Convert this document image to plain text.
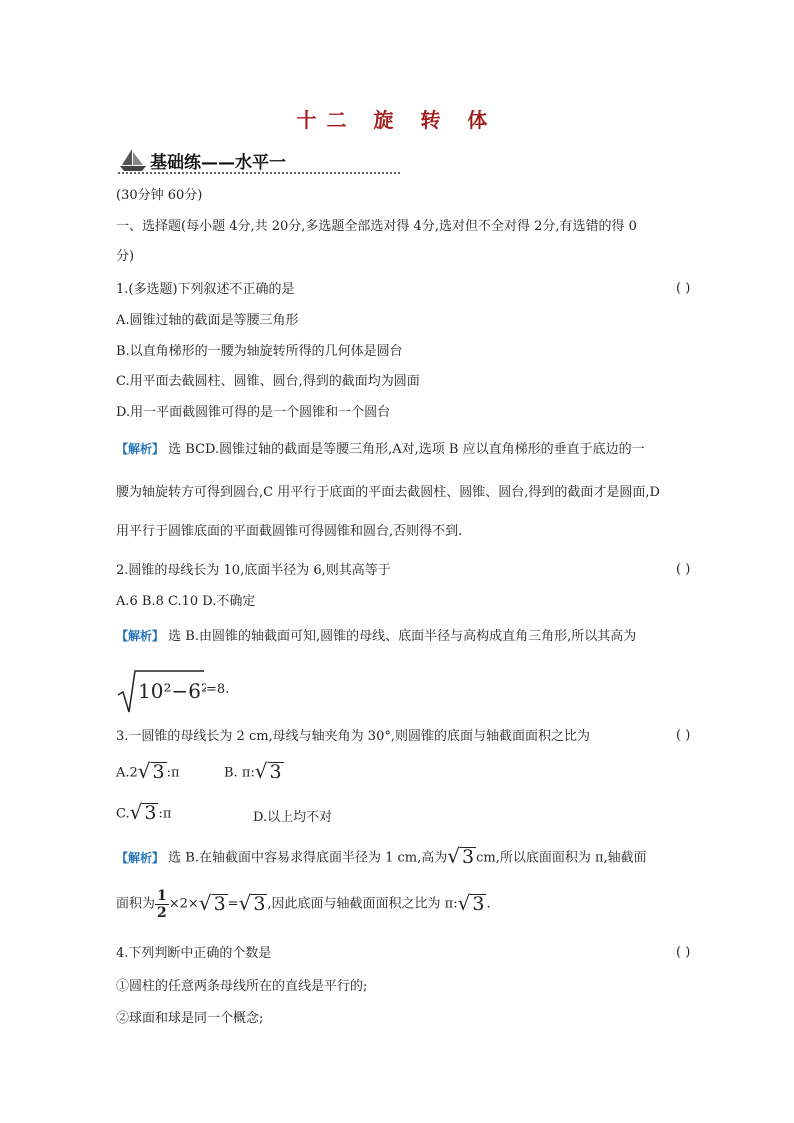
十二 旋 转 体
基础练——水平一
(30分钟 60分)
一、选择题(每小题 4分,共 20分,多选题全部选对得 4分,选对但不全对得 2分,有选错的得 0
分)
1.(多选题)下列叙述不正确的是	( )
A.圆锥过轴的截面是等腰三角形
B.以直角梯形的一腰为轴旋转所得的几何体是圆台
C.用平面去截圆柱、圆锥、圆台,得到的截面均为圆面
D.用一平面截圆锥可得的是一个圆锥和一个圆台
【解析】 选 BCD.圆锥过轴的截面是等腰三角形,A对,选项 B 应以直角梯形的垂直于底边的一
腰为轴旋转方可得到圆台,C 用平行于底面的平面去截圆柱、圆锥、圆台,得到的截面才是圆面,D
用平行于圆锥底面的平面截圆锥可得圆锥和圆台,否则得不到.
2.圆锥的母线长为 10,底面半径为 6,则其高等于	( )
A.6 B.8 C.10 D.不确定
【解析】 选 B.由圆锥的轴截面可知,圆锥的母线、底面半径与高构成直角三角形,所以其高为
10²−6²
=8.
3.一圆锥的母线长为 2 cm,母线与轴夹角为 30°,则圆锥的底面与轴截面面积之比为	( )
A.2√ 3 :π	B. π:√ 3
C.√ 3 :π	D.以上均不对
【解析】 选 B.在轴截面中容易求得底面半径为 1 cm,高为√ 3 cm,所以底面面积为 π,轴截面
面积为 $\frac{1}{2} \times 2\times√$ 3 =√ 3 ,因此底面与轴截面面积之比为 π:√ 3 .
4.下列判断中正确的个数是	( )
①圆柱的任意两条母线所在的直线是平行的;
②球面和球是同一个概念;
